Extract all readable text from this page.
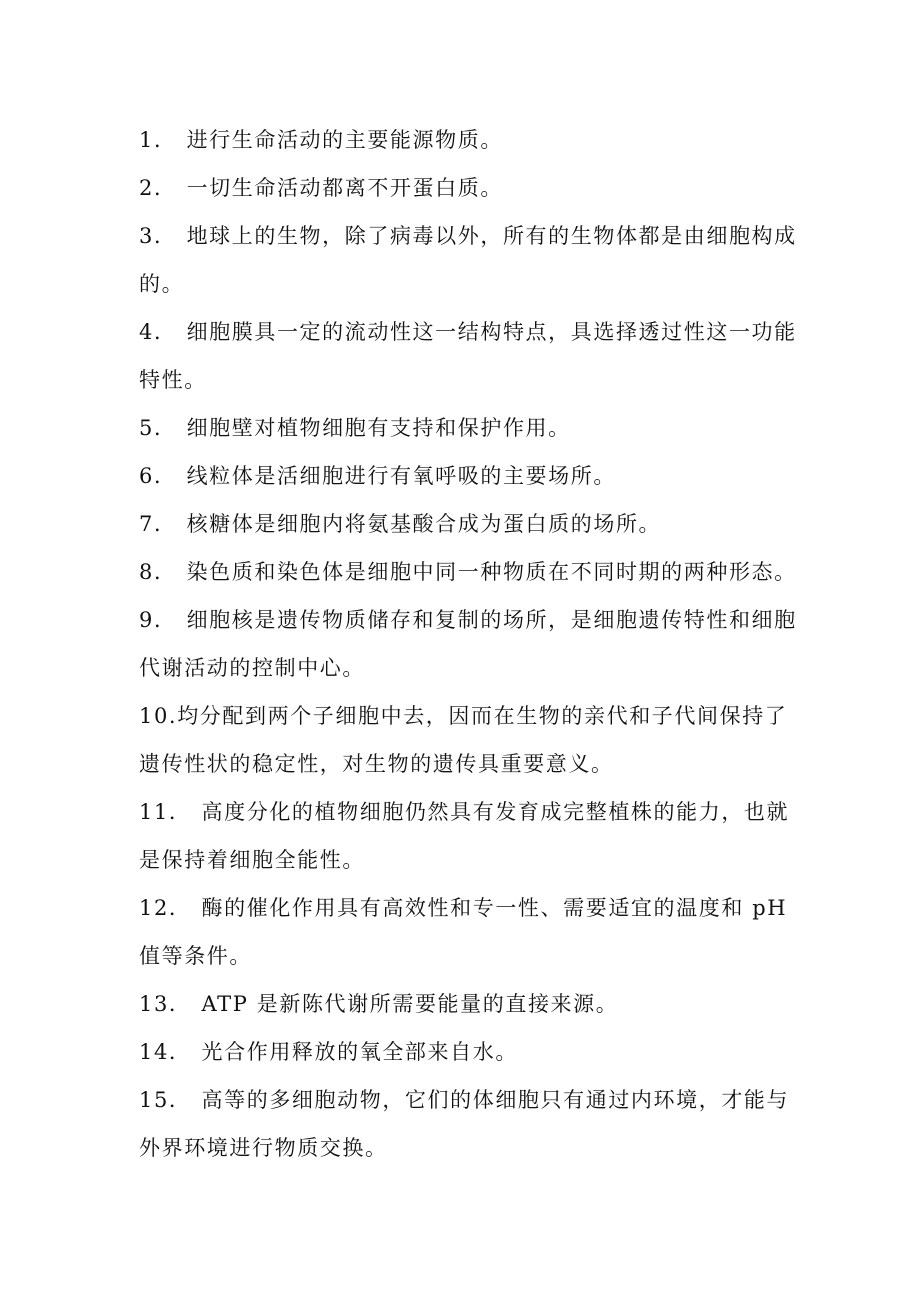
1． 进行生命活动的主要能源物质。

2． 一切生命活动都离不开蛋白质。

3． 地球上的生物，除了病毒以外，所有的生物体都是由细胞构成的。

4． 细胞膜具一定的流动性这一结构特点，具选择透过性这一功能特性。

5． 细胞壁对植物细胞有支持和保护作用。

6． 线粒体是活细胞进行有氧呼吸的主要场所。

7． 核糖体是细胞内将氨基酸合成为蛋白质的场所。

8． 染色质和染色体是细胞中同一种物质在不同时期的两种形态。

9． 细胞核是遗传物质储存和复制的场所，是细胞遗传特性和细胞代谢活动的控制中心。

10.均分配到两个子细胞中去，因而在生物的亲代和子代间保持了遗传性状的稳定性，对生物的遗传具重要意义。

11． 高度分化的植物细胞仍然具有发育成完整植株的能力，也就是保持着细胞全能性。

12． 酶的催化作用具有高效性和专一性、需要适宜的温度和 pH 值等条件。

13． ATP 是新陈代谢所需要能量的直接来源。

14． 光合作用释放的氧全部来自水。

15． 高等的多细胞动物，它们的体细胞只有通过内环境，才能与外界环境进行物质交换。
